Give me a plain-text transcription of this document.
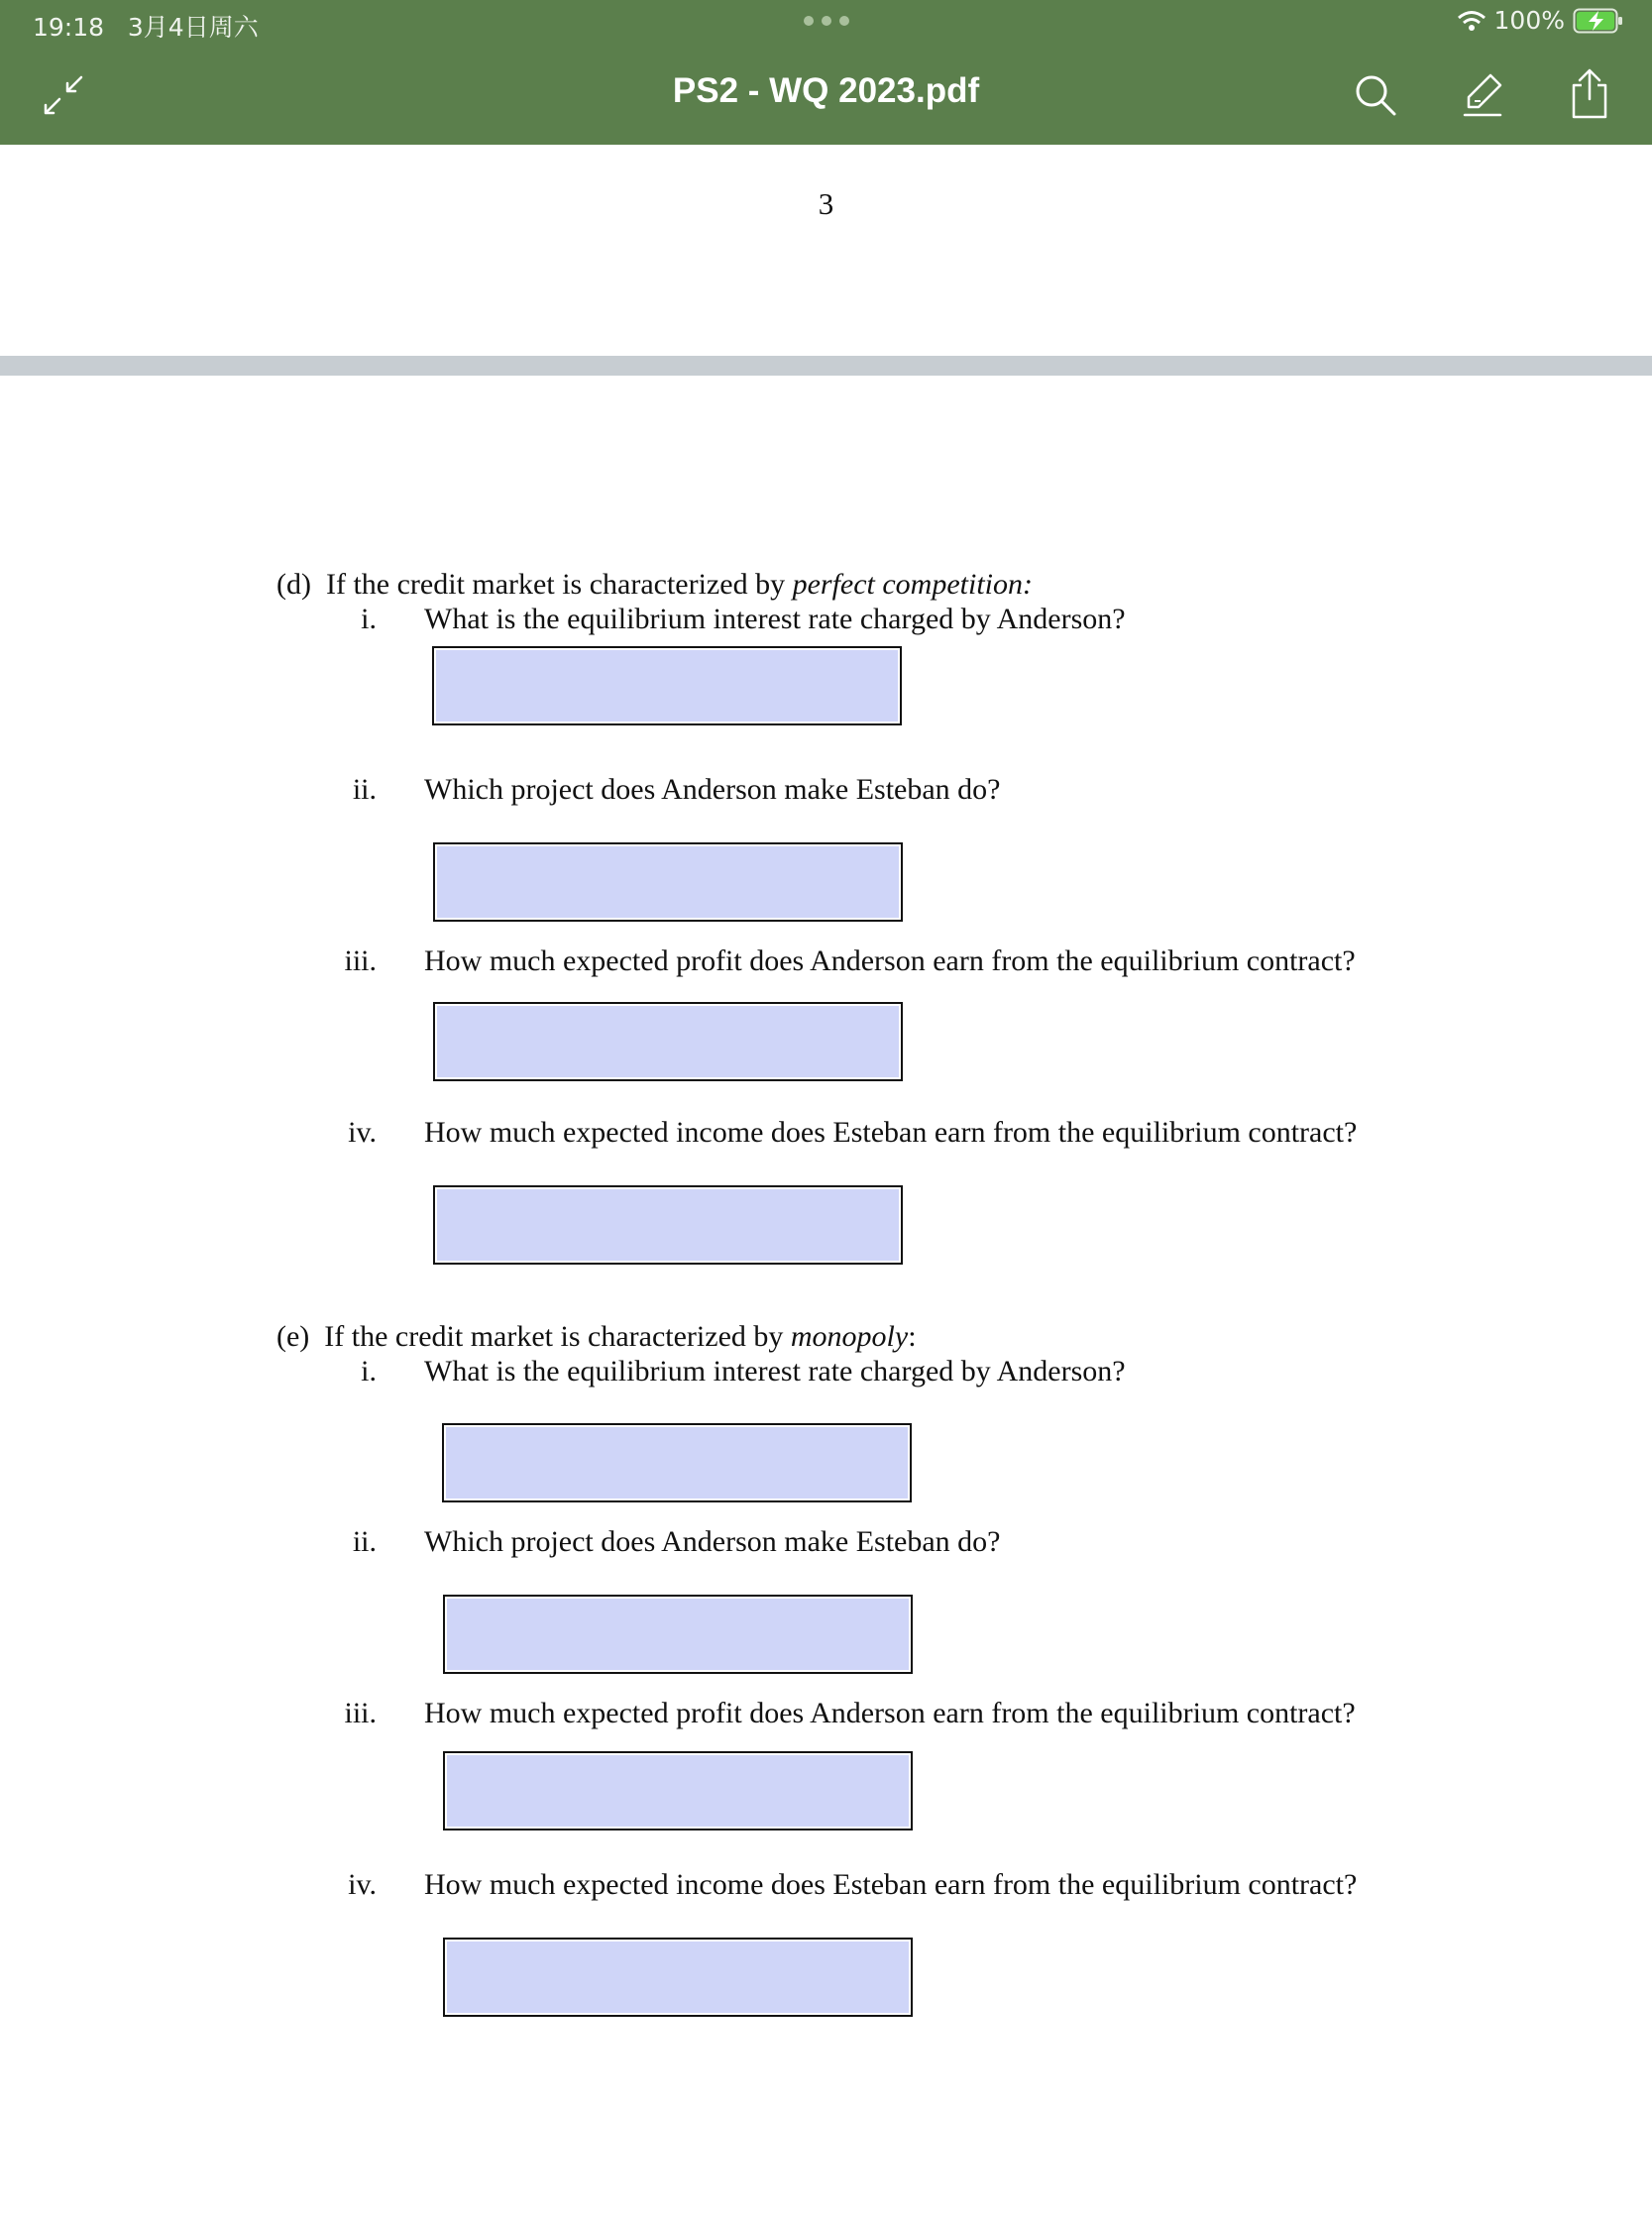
19:18 3月4日周六	100%
PS2 - WQ 2023.pdf
3
(d) If the credit market is characterized by perfect competition:
i. What is the equilibrium interest rate charged by Anderson?
ii. Which project does Anderson make Esteban do?
iii. How much expected profit does Anderson earn from the equilibrium contract?
iv. How much expected income does Esteban earn from the equilibrium contract?
(e) If the credit market is characterized by monopoly:
i. What is the equilibrium interest rate charged by Anderson?
ii. Which project does Anderson make Esteban do?
iii. How much expected profit does Anderson earn from the equilibrium contract?
iv. How much expected income does Esteban earn from the equilibrium contract?
